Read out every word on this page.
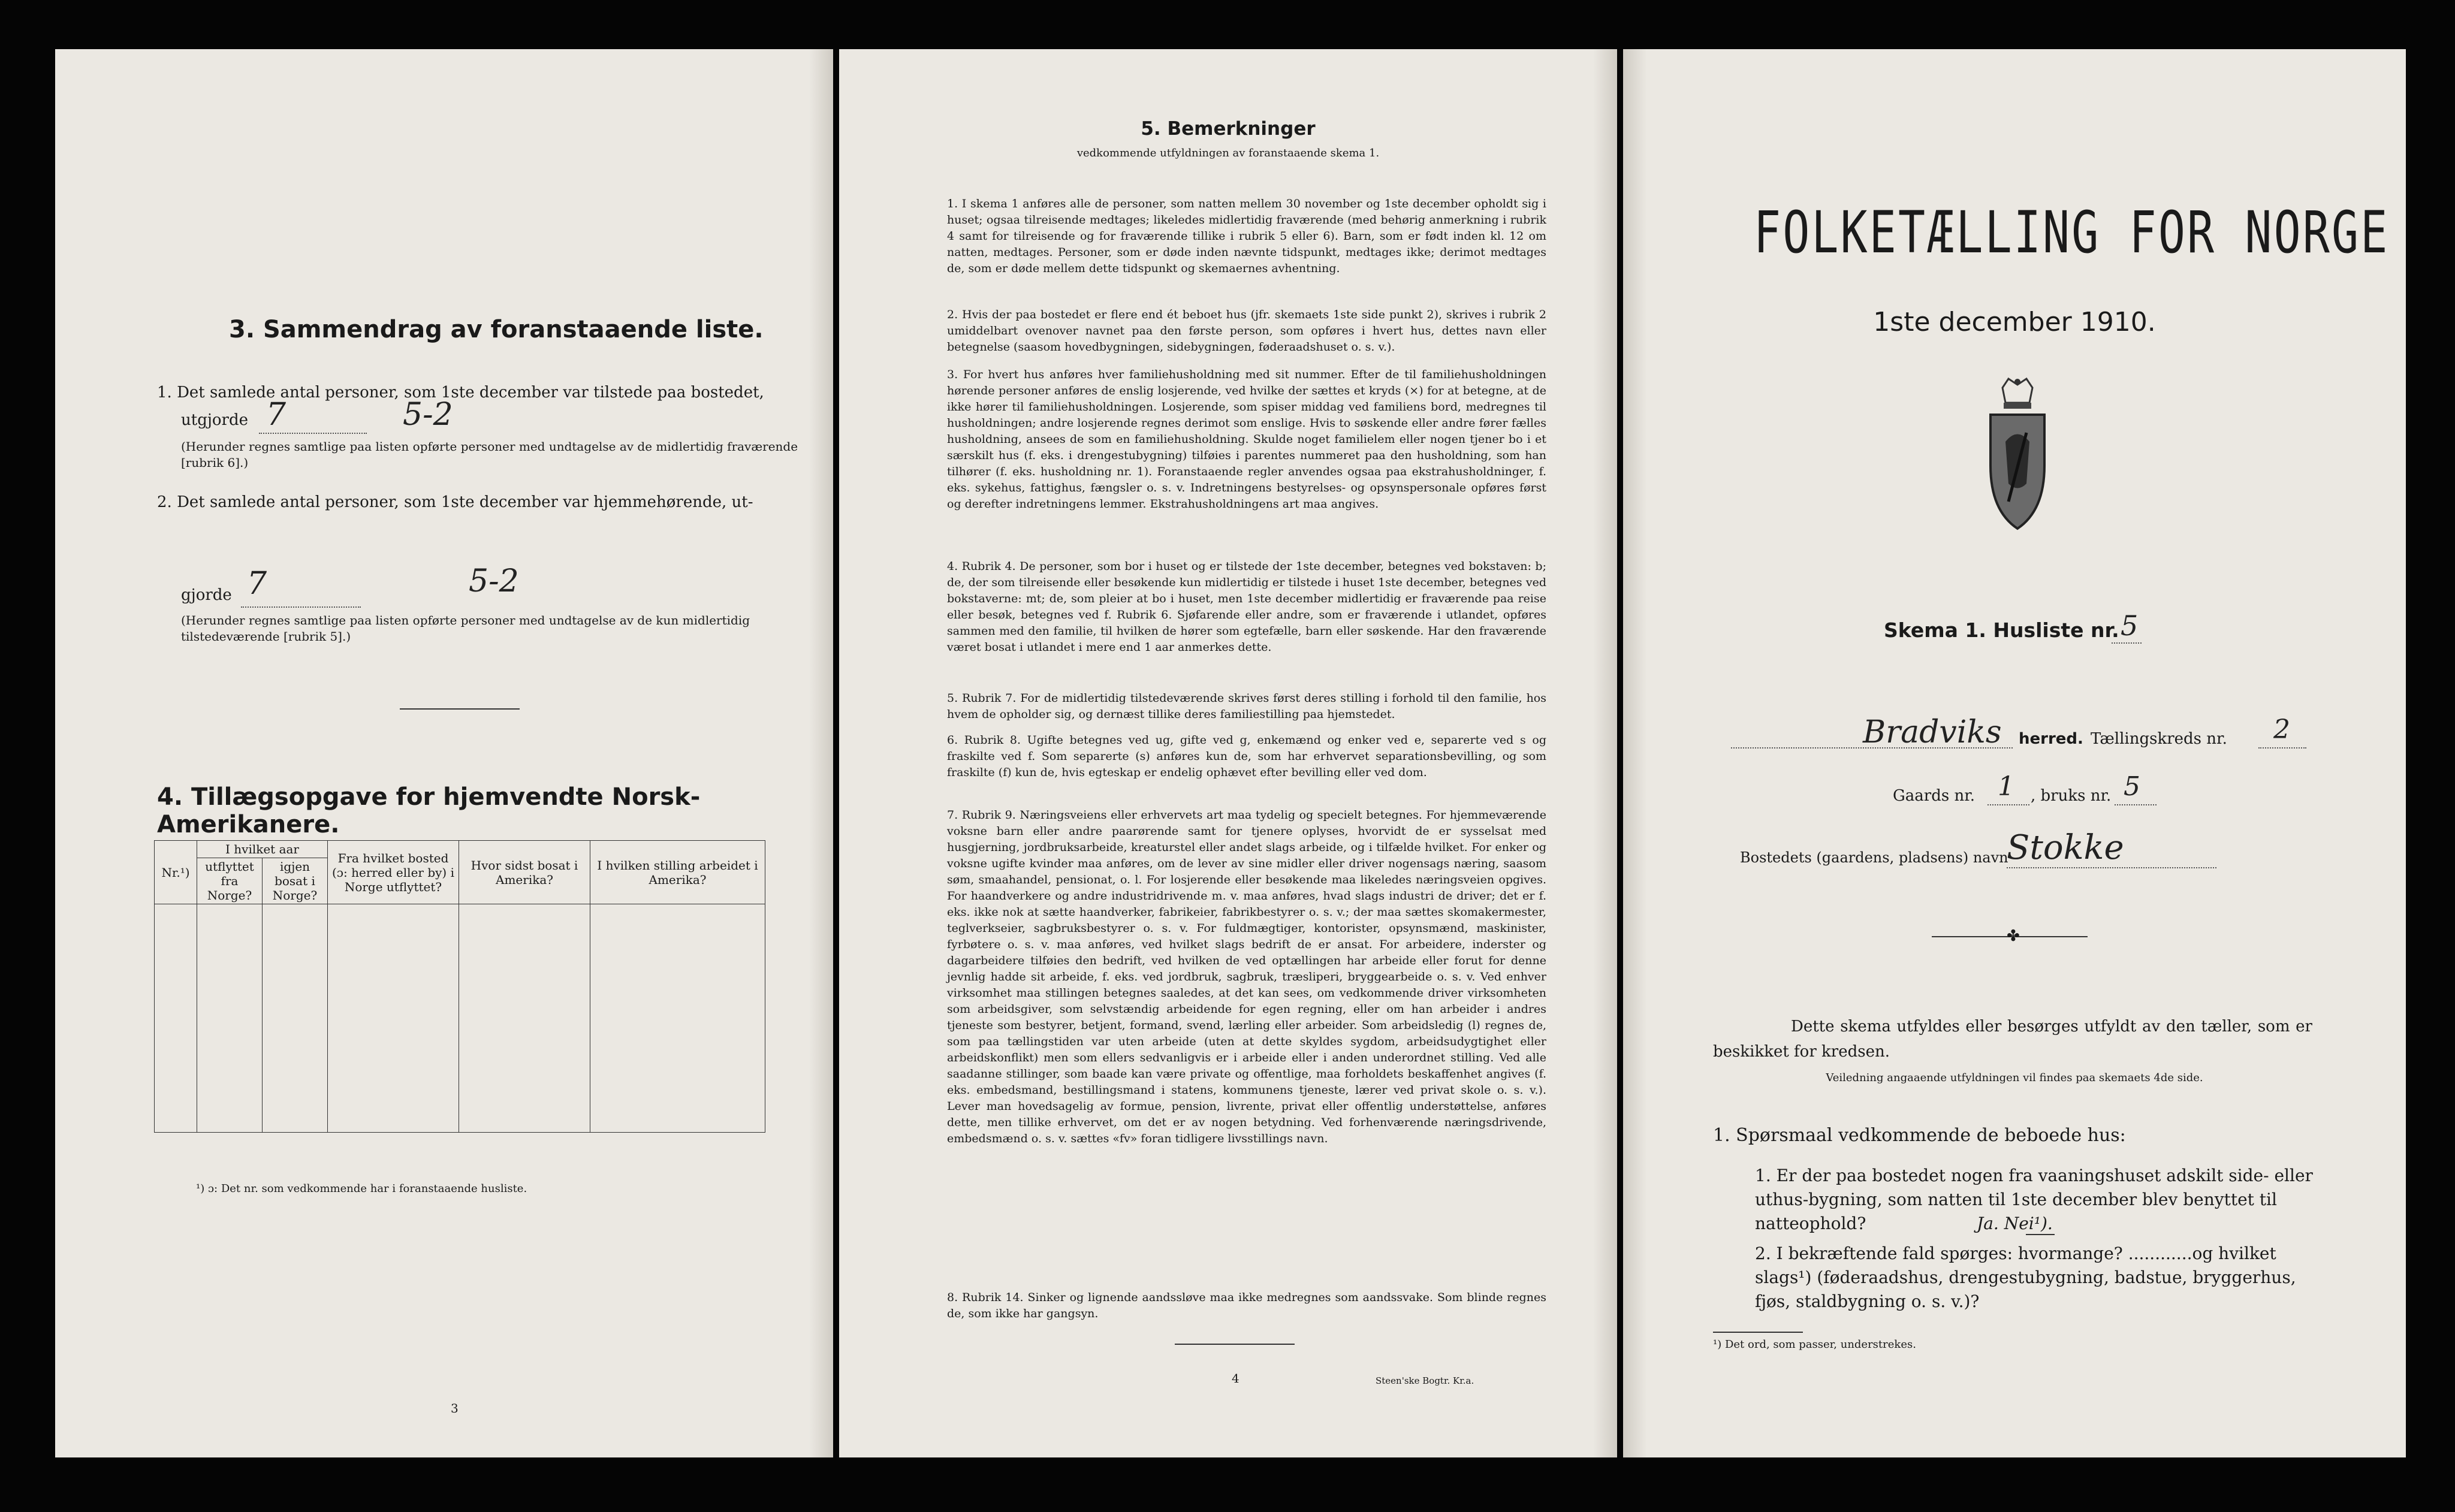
3. Sammendrag av foranstaaende liste.
1. Det samlede antal personer, som 1ste december var tilstede paa bostedet,
utgjorde 7	5-2
(Herunder regnes samtlige paa listen opførte personer med undtagelse av de midlertidig fraværende [rubrik 6].)
2. Det samlede antal personer, som 1ste december var hjemmehørende, ut-
gjorde 7	5-2
(Herunder regnes samtlige paa listen opførte personer med undtagelse av de kun midlertidig tilstedeværende [rubrik 5].)
4. Tillægsopgave for hjemvendte Norsk-Amerikanere.
Nr.¹)	I hvilket aar		Fra hvilket bosted (ɔ: herred eller by) i Norge utflyttet?	Hvor sidst bosat i Amerika?	I hvilken stilling arbeidet i Amerika?
	utflyttet fra Norge?	igjen bosat i Norge?			

¹) ɔ: Det nr. som vedkommende har i foranstaaende husliste.
3
5. Bemerkninger
vedkommende utfyldningen av foranstaaende skema 1.
1. I skema 1 anføres alle de personer, som natten mellem 30 november og 1ste december opholdt sig i huset; ogsaa tilreisende medtages; likeledes midlertidig fraværende (med behørig anmerkning i rubrik 4 samt for tilreisende og for fraværende tillike i rubrik 5 eller 6). Barn, som er født inden kl. 12 om natten, medtages. Personer, som er døde inden nævnte tidspunkt, medtages ikke; derimot medtages de, som er døde mellem dette tidspunkt og skemaernes avhentning.
2. Hvis der paa bostedet er flere end ét beboet hus (jfr. skemaets 1ste side punkt 2), skrives i rubrik 2 umiddelbart ovenover navnet paa den første person, som opføres i hvert hus, dettes navn eller betegnelse (saasom hovedbygningen, sidebygningen, føderaadshuset o. s. v.).
3. For hvert hus anføres hver familiehusholdning med sit nummer. Efter de til familiehusholdningen hørende personer anføres de enslig losjerende, ved hvilke der sættes et kryds (×) for at betegne, at de ikke hører til familiehusholdningen. Losjerende, som spiser middag ved familiens bord, medregnes til husholdningen; andre losjerende regnes derimot som enslige. Hvis to søskende eller andre fører fælles husholdning, ansees de som en familiehusholdning. Skulde noget familielem eller nogen tjener bo i et særskilt hus (f. eks. i drengestubygning) tilføies i parentes nummeret paa den husholdning, som han tilhører (f. eks. husholdning nr. 1). Foranstaaende regler anvendes ogsaa paa ekstrahusholdninger, f. eks. sykehus, fattighus, fængsler o. s. v. Indretningens bestyrelses- og opsynspersonale opføres først og derefter indretningens lemmer. Ekstrahusholdningens art maa angives.
4. Rubrik 4. De personer, som bor i huset og er tilstede der 1ste december, betegnes ved bokstaven: b; de, der som tilreisende eller besøkende kun midlertidig er tilstede i huset 1ste december, betegnes ved bokstaverne: mt; de, som pleier at bo i huset, men 1ste december midlertidig er fraværende paa reise eller besøk, betegnes ved f. Rubrik 6. Sjøfarende eller andre, som er fraværende i utlandet, opføres sammen med den familie, til hvilken de hører som egtefælle, barn eller søskende. Har den fraværende været bosat i utlandet i mere end 1 aar anmerkes dette.
5. Rubrik 7. For de midlertidig tilstedeværende skrives først deres stilling i forhold til den familie, hos hvem de opholder sig, og dernæst tillike deres familiestilling paa hjemstedet.
6. Rubrik 8. Ugifte betegnes ved ug, gifte ved g, enkemænd og enker ved e, separerte ved s og fraskilte ved f. Som separerte (s) anføres kun de, som har erhvervet separationsbevilling, og som fraskilte (f) kun de, hvis egteskap er endelig ophævet efter bevilling eller ved dom.
7. Rubrik 9. Næringsveiens eller erhvervets art maa tydelig og specielt betegnes. For hjemmeværende voksne barn eller andre paarørende samt for tjenere oplyses, hvorvidt de er sysselsat med husgjerning, jordbruksarbeide, kreaturstel eller andet slags arbeide, og i tilfælde hvilket. For enker og voksne ugifte kvinder maa anføres, om de lever av sine midler eller driver nogensags næring, saasom søm, smaahandel, pensionat, o. l. For losjerende eller besøkende maa likeledes næringsveien opgives. For haandverkere og andre industridrivende m. v. maa anføres, hvad slags industri de driver; det er f. eks. ikke nok at sætte haandverker, fabrikeier, fabrikbestyrer o. s. v.; der maa sættes skomakermester, teglverkseier, sagbruksbestyrer o. s. v. For fuldmægtiger, kontorister, opsynsmænd, maskinister, fyrbøtere o. s. v. maa anføres, ved hvilket slags bedrift de er ansat. For arbeidere, inderster og dagarbeidere tilføies den bedrift, ved hvilken de ved optællingen har arbeide eller forut for denne jevnlig hadde sit arbeide, f. eks. ved jordbruk, sagbruk, træsliperi, bryggearbeide o. s. v. Ved enhver virksomhet maa stillingen betegnes saaledes, at det kan sees, om vedkommende driver virksomheten som arbeidsgiver, som selvstændig arbeidende for egen regning, eller om han arbeider i andres tjeneste som bestyrer, betjent, formand, svend, lærling eller arbeider. Som arbeidsledig (l) regnes de, som paa tællingstiden var uten arbeide (uten at dette skyldes sygdom, arbeidsudygtighet eller arbeidskonflikt) men som ellers sedvanligvis er i arbeide eller i anden underordnet stilling. Ved alle saadanne stillinger, som baade kan være private og offentlige, maa forholdets beskaffenhet angives (f. eks. embedsmand, bestillingsmand i statens, kommunens tjeneste, lærer ved privat skole o. s. v.). Lever man hovedsagelig av formue, pension, livrente, privat eller offentlig understøttelse, anføres dette, men tillike erhvervet, om det er av nogen betydning. Ved forhenværende næringsdrivende, embedsmænd o. s. v. sættes «fv» foran tidligere livsstillings navn.
8. Rubrik 14. Sinker og lignende aandssløve maa ikke medregnes som aandssvake. Som blinde regnes de, som ikke har gangsyn.
4	Steen'ske Bogtr. Kr.a.
FOLKETÆLLING FOR NORGE
1ste december 1910.
Skema 1. Husliste nr. 5
Bradviks herred. Tællingskreds nr. 2
Gaards nr. 1 , bruks nr. 5
Bostedets (gaardens, pladsens) navn
Stokke
✤
Dette skema utfyldes eller besørges utfyldt av den tæller, som er beskikket for kredsen.
Veiledning angaaende utfyldningen vil findes paa skemaets 4de side.
1. Spørsmaal vedkommende de beboede hus:
1. Er der paa bostedet nogen fra vaaningshuset adskilt side- eller uthus-bygning, som natten til 1ste december blev benyttet til natteophold?	Ja. Nei¹).
2. I bekræftende fald spørges: hvormange? ............og hvilket slags¹) (føderaadshus, drengestubygning, badstue, bryggerhus, fjøs, staldbygning o. s. v.)?
¹) Det ord, som passer, understrekes.
